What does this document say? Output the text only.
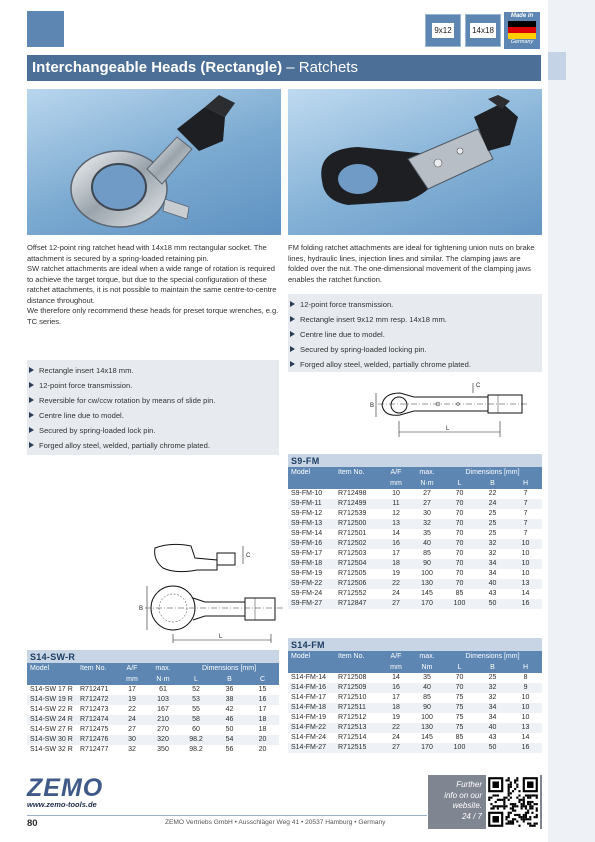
9x12	14x18
Made in
Germany
Interchangeable Heads (Rectangle) – Ratchets

Offset 12-point ring ratchet head with 14x18 mm rectangular socket. The attachment is secured by a spring-loaded retaining pin.

SW ratchet attachments are ideal when a wide range of rotation is required to achieve the target torque, but due to the special configuration of these ratchet attachments, it is not possible to maintain the same centre-to-centre distance throughout.

We therefore only recommend these heads for preset torque wrenches, e.g. TC series.

Rectangle insert 14x18 mm.
12-point force transmission.
Reversible for cw/ccw rotation by means of slide pin.
Centre line due to model.
Secured by spring-loaded lock pin.
Forged alloy steel, welded, partially chrome plated.

FM folding ratchet attachments are ideal for tightening union nuts on brake lines, hydraulic lines, injection lines and similar. The clamping jaws are folded over the nut. The one-dimensional movement of the clamping jaws enables the ratchet function.

12-point force transmission.
Rectangle insert 9x12 mm resp. 14x18 mm.
Centre line due to model.
Secured by spring-loaded locking pin.
Forged alloy steel, welded, partially chrome plated.
L
B
C
C
B
L
S14-SW-R
Model	Item No.	A/F	max.	Dimensions [mm]		
		mm	N·m	L	B	C
S14-SW 17 R	R712471	17	61	52	36	15
S14-SW 19 R	R712472	19	103	53	38	16
S14-SW 22 R	R712473	22	167	55	42	17
S14-SW 24 R	R712474	24	210	58	46	18
S14-SW 27 R	R712475	27	270	60	50	18
S14-SW 30 R	R712476	30	320	98.2	54	20
S14-SW 32 R	R712477	32	350	98.2	56	20
S9-FM
Model	Item No.	A/F	max.	Dimensions [mm]		
		mm	N·m	L	B	H
S9-FM-10	R712498	10	27	70	22	7
S9-FM-11	R712499	11	27	70	24	7
S9-FM-12	R712539	12	30	70	25	7
S9-FM-13	R712500	13	32	70	25	7
S9-FM-14	R712501	14	35	70	25	7
S9-FM-16	R712502	16	40	70	32	10
S9-FM-17	R712503	17	85	70	32	10
S9-FM-18	R712504	18	90	70	34	10
S9-FM-19	R712505	19	100	70	34	10
S9-FM-22	R712506	22	130	70	40	13
S9-FM-24	R712552	24	145	85	43	14
S9-FM-27	R712847	27	170	100	50	16
S14-FM
Model	Item No.	A/F	max.	Dimensions [mm]		
		mm	Nm	L	B	H
S14-FM-14	R712508	14	35	70	25	8
S14-FM-16	R712509	16	40	70	32	9
S14-FM-17	R712510	17	85	75	32	10
S14-FM-18	R712511	18	90	75	34	10
S14-FM-19	R712512	19	100	75	34	10
S14-FM-22	R712513	22	130	75	40	13
S14-FM-24	R712514	24	145	85	43	14
S14-FM-27	R712515	27	170	100	50	16
ZEMO
www.zemo-tools.de
80	ZEMO Vertriebs GmbH • Ausschläger Weg 41 • 20537 Hamburg • Germany
Further
info on our
website.
24 / 7
